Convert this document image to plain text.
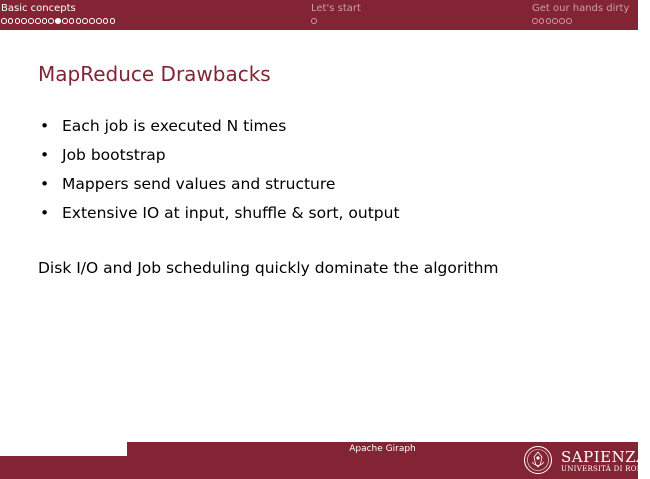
Basic concepts	Let's start	Get our hands dirty
MapReduce Drawbacks
• Each job is executed N times
• Job bootstrap
• Mappers send values and structure
• Extensive IO at input, shuffle & sort, output
Disk I/O and Job scheduling quickly dominate the algorithm
Apache Giraph	SAPIENZA
UNIVERSITÀ DI ROMA
